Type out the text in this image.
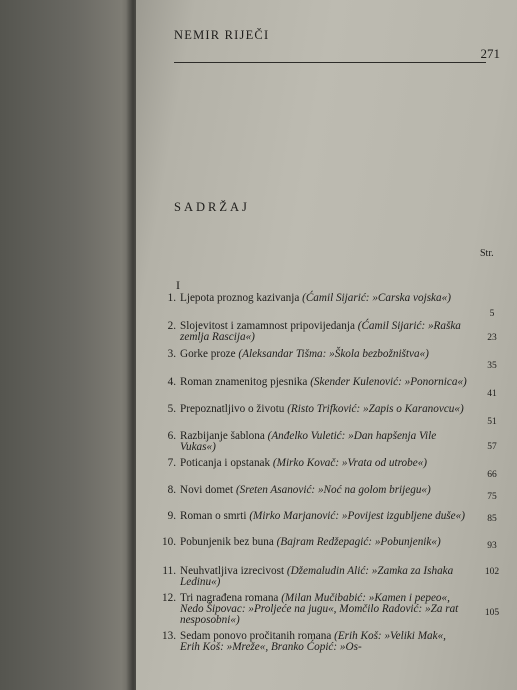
NEMIR RIJEČI
271
SADRŽAJ
Str.
I
1. Ljepota proznog kazivanja (Ćamil Sijarić: »Carska vojska«)
5
2. Slojevitost i zamamnost pripovijedanja (Ćamil Sijarić: »Raška zemlja Rascija«)	23
3. Gorke proze (Aleksandar Tišma: »Škola bezbožništva«)
35
4. Roman znamenitog pjesnika (Skender Kulenović: »Ponornica«)
41
5. Prepoznatljivo o životu (Risto Trifković: »Zapis o Karanovcu«)
51
6. Razbijanje šablona (Anđelko Vuletić: »Dan hapšenja Vile Vukas«)	57
7. Poticanja i opstanak (Mirko Kovač: »Vrata od utrobe«)
66
8. Novi domet (Sreten Asanović: »Noć na golom brijegu«)
75
9. Roman o smrti (Mirko Marjanović: »Povijest izgubljene duše«)	85
10. Pobunjenik bez buna (Bajram Redžepagić: »Pobunjenik«)	93
11. Neuhvatljiva izrecivost (Džemaludin Alić: »Zamka za Ishaka Ledinu«)
102
12. Tri nagrađena romana (Milan Mučibabić: »Kamen i pepeo«, Nedo Šipovac: »Proljeće na jugu«, Momčilo Radović: »Za rat nesposobni«)
105
13. Sedam ponovo pročitanih romana (Erih Koš: »Veliki Mak«, Erih Koš: »Mreže«, Branko Ćopić: »Os-
